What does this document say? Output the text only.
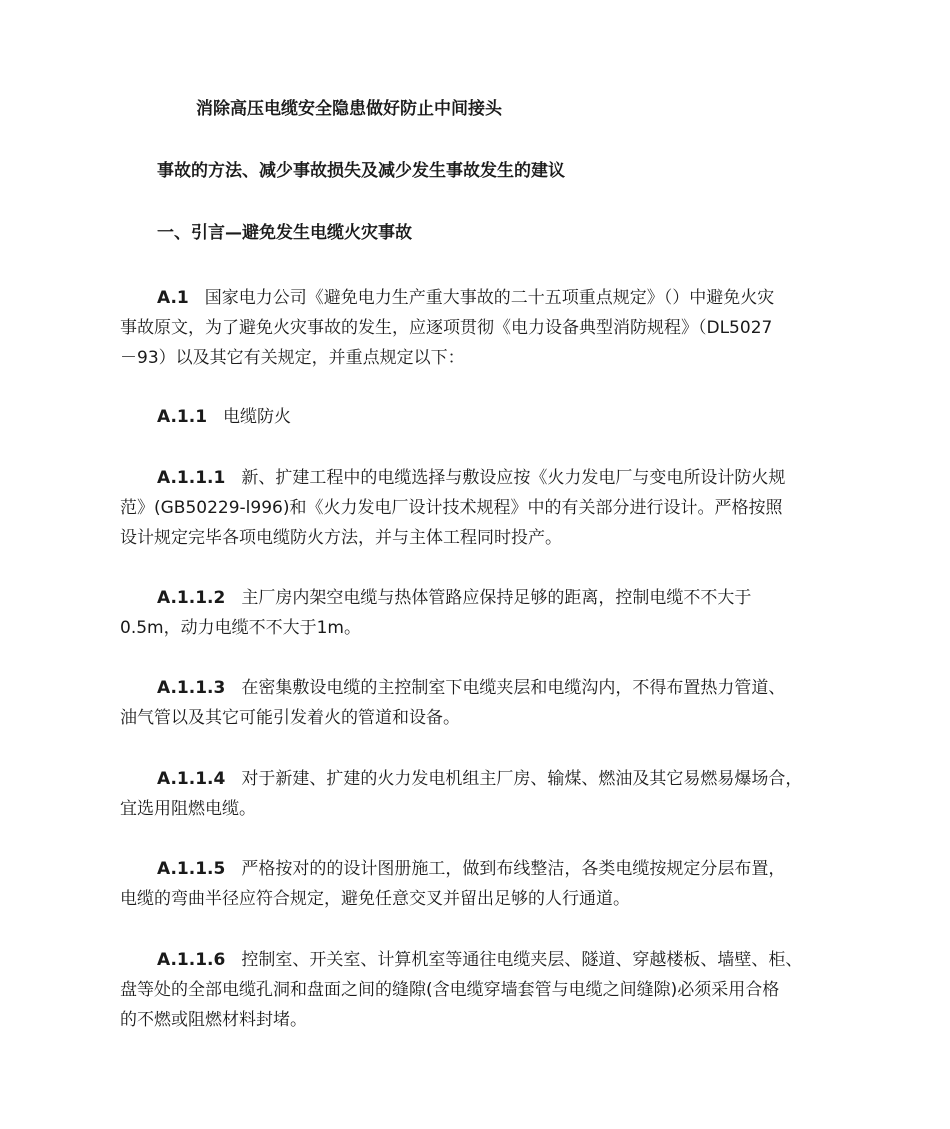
消除高压电缆安全隐患做好防止中间接头
事故的方法、减少事故损失及减少发生事故发生的建议
一、引言—避免发生电缆火灾事故
A.1 国家电力公司《避免电力生产重大事故的二十五项重点规定》（）中避免火灾
事故原文，为了避免火灾事故的发生，应逐项贯彻《电力设备典型消防规程》（DL5027
－93）以及其它有关规定，并重点规定以下：
A.1.1 电缆防火
A.1.1.1 新、扩建工程中的电缆选择与敷设应按《火力发电厂与变电所设计防火规
范》(GB50229-l996)和《火力发电厂设计技术规程》中的有关部分进行设计。严格按照
设计规定完毕各项电缆防火方法，并与主体工程同时投产。
A.1.1.2 主厂房内架空电缆与热体管路应保持足够的距离，控制电缆不不大于
0.5m，动力电缆不不大于1m。
A.1.1.3 在密集敷设电缆的主控制室下电缆夹层和电缆沟内，不得布置热力管道、
油气管以及其它可能引发着火的管道和设备。
A.1.1.4 对于新建、扩建的火力发电机组主厂房、输煤、燃油及其它易燃易爆场合，
宜选用阻燃电缆。
A.1.1.5 严格按对的的设计图册施工，做到布线整洁，各类电缆按规定分层布置，
电缆的弯曲半径应符合规定，避免任意交叉并留出足够的人行通道。
A.1.1.6 控制室、开关室、计算机室等通往电缆夹层、隧道、穿越楼板、墙壁、柜、
盘等处的全部电缆孔洞和盘面之间的缝隙(含电缆穿墙套管与电缆之间缝隙)必须采用合格
的不燃或阻燃材料封堵。
